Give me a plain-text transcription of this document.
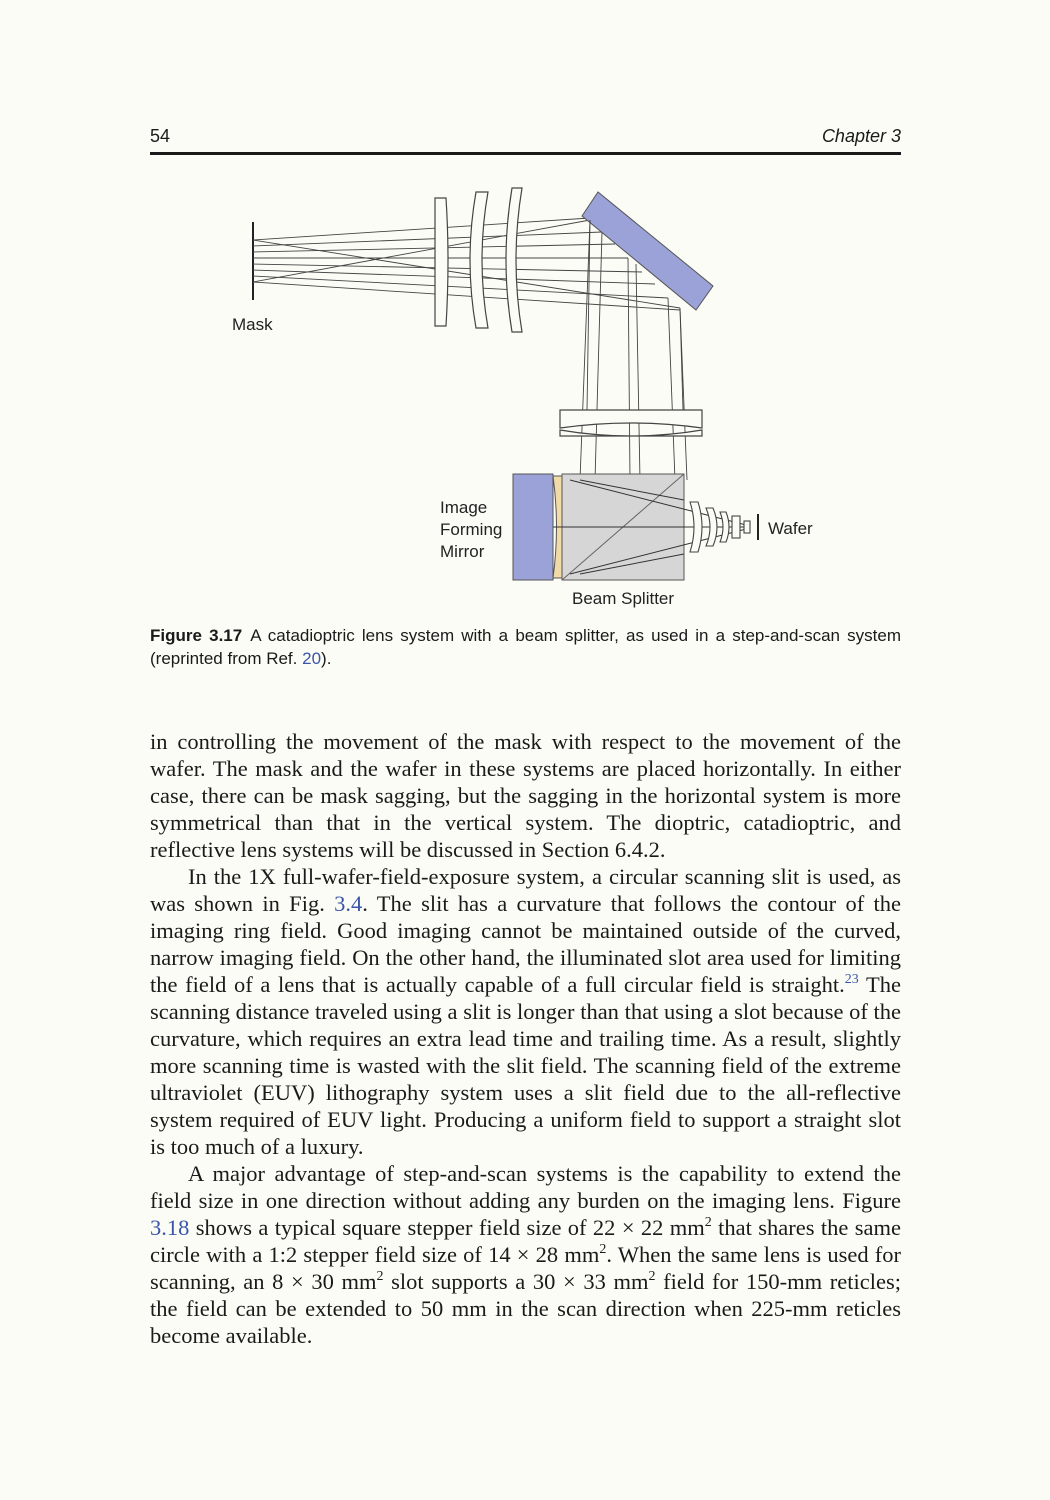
54	Chapter 3
Mask
Image
Forming
Mirror
Wafer
Beam Splitter
Figure 3.17 A catadioptric lens system with a beam splitter, as used in a step-and-scan system (reprinted from Ref. 20).

in controlling the movement of the mask with respect to the movement of the wafer. The mask and the wafer in these systems are placed horizontally. In either case, there can be mask sagging, but the sagging in the horizontal system is more symmetrical than that in the vertical system. The dioptric, catadioptric, and reflective lens systems will be discussed in Section 6.4.2.

In the 1X full-wafer-field-exposure system, a circular scanning slit is used, as was shown in Fig. 3.4. The slit has a curvature that follows the contour of the imaging ring field. Good imaging cannot be maintained outside of the curved, narrow imaging field. On the other hand, the illuminated slot area used for limiting the field of a lens that is actually capable of a full circular field is straight.$^{23}$ The scanning distance traveled using a slit is longer than that using a slot because of the curvature, which requires an extra lead time and trailing time. As a result, slightly more scanning time is wasted with the slit field. The scanning field of the extreme ultraviolet (EUV) lithography system uses a slit field due to the all-reflective system required of EUV light. Producing a uniform field to support a straight slot is too much of a luxury.

A major advantage of step-and-scan systems is the capability to extend the field size in one direction without adding any burden on the imaging lens. Figure 3.18 shows a typical square stepper field size of 22 × 22 $mm^2$ that shares the same circle with a 1:2 stepper field size of 14 × 28 $mm^2$. When the same lens is used for scanning, an 8 × 30 $mm^2$ slot supports a 30 × 33 $mm^2$ field for 150-mm reticles; the field can be extended to 50 mm in the scan direction when 225-mm reticles become available.
